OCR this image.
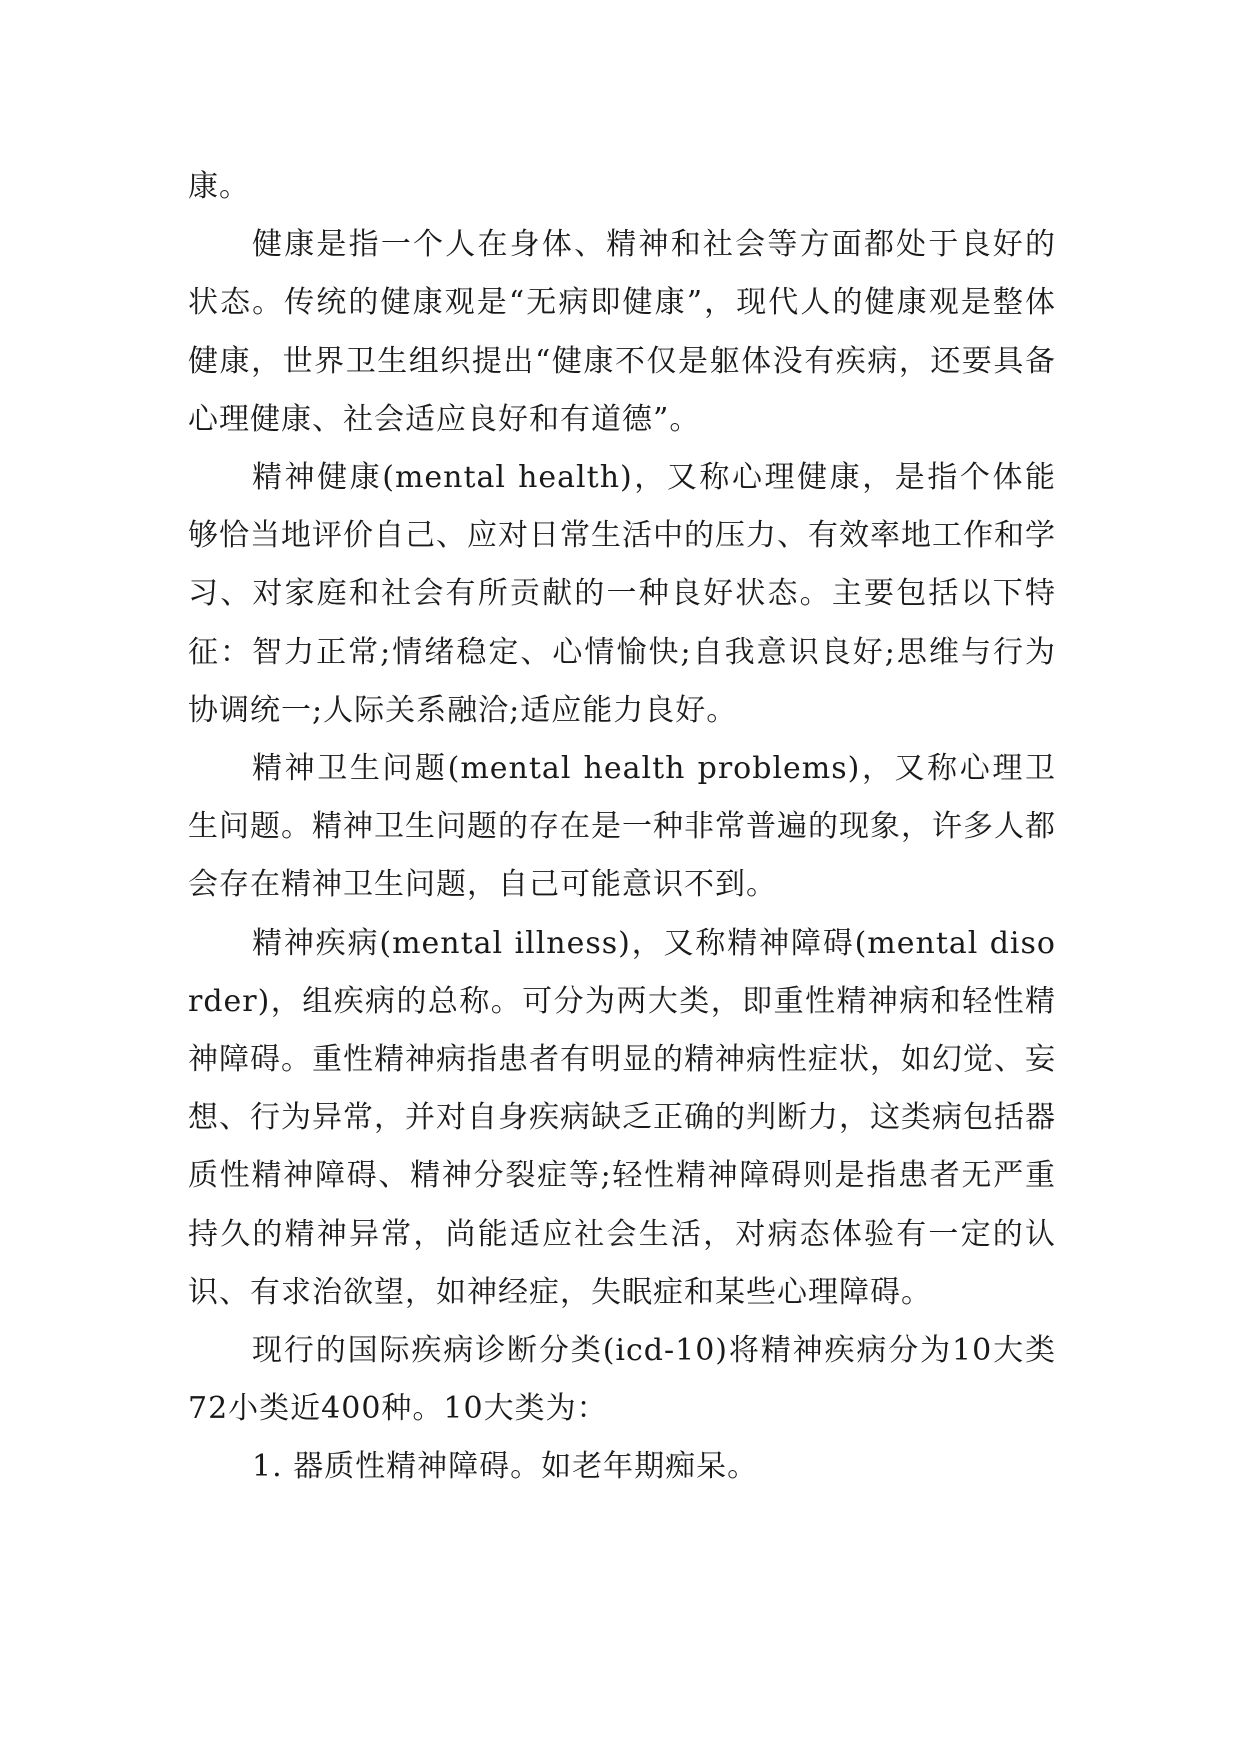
康。

健康是指一个人在身体、精神和社会等方面都处于良好的状态。传统的健康观是“无病即健康”，现代人的健康观是整体健康，世界卫生组织提出“健康不仅是躯体没有疾病，还要具备心理健康、社会适应良好和有道德”。

精神健康(mental health)，又称心理健康，是指个体能够恰当地评价自己、应对日常生活中的压力、有效率地工作和学习、对家庭和社会有所贡献的一种良好状态。主要包括以下特征：智力正常;情绪稳定、心情愉快;自我意识良好;思维与行为协调统一;人际关系融洽;适应能力良好。

精神卫生问题(mental health problems)，又称心理卫生问题。精神卫生问题的存在是一种非常普遍的现象，许多人都会存在精神卫生问题，自己可能意识不到。

精神疾病(mental illness)，又称精神障碍(mental disorder)，组疾病的总称。可分为两大类，即重性精神病和轻性精神障碍。重性精神病指患者有明显的精神病性症状，如幻觉、妄想、行为异常，并对自身疾病缺乏正确的判断力，这类病包括器质性精神障碍、精神分裂症等;轻性精神障碍则是指患者无严重持久的精神异常，尚能适应社会生活，对病态体验有一定的认识、有求治欲望，如神经症，失眠症和某些心理障碍。

现行的国际疾病诊断分类(icd-10)将精神疾病分为10大类72小类近400种。10大类为：

1. 器质性精神障碍。如老年期痴呆。
